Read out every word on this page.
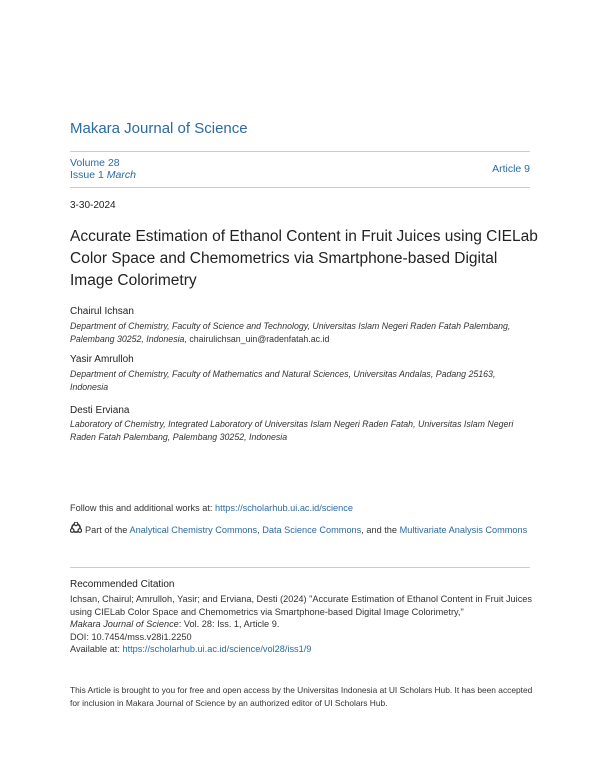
Makara Journal of Science
Volume 28
Issue 1 March	Article 9
3-30-2024
Accurate Estimation of Ethanol Content in Fruit Juices using CIELab Color Space and Chemometrics via Smartphone-based Digital Image Colorimetry
Chairul Ichsan
Department of Chemistry, Faculty of Science and Technology, Universitas Islam Negeri Raden Fatah Palembang, Palembang 30252, Indonesia, chairulichsan_uin@radenfatah.ac.id
Yasir Amrulloh
Department of Chemistry, Faculty of Mathematics and Natural Sciences, Universitas Andalas, Padang 25163, Indonesia
Desti Erviana
Laboratory of Chemistry, Integrated Laboratory of Universitas Islam Negeri Raden Fatah, Universitas Islam Negeri Raden Fatah Palembang, Palembang 30252, Indonesia
Follow this and additional works at: https://scholarhub.ui.ac.id/science
Part of the Analytical Chemistry Commons, Data Science Commons, and the Multivariate Analysis Commons
Recommended Citation
Ichsan, Chairul; Amrulloh, Yasir; and Erviana, Desti (2024) "Accurate Estimation of Ethanol Content in Fruit Juices using CIELab Color Space and Chemometrics via Smartphone-based Digital Image Colorimetry,"
Makara Journal of Science: Vol. 28: Iss. 1, Article 9.
DOI: 10.7454/mss.v28i1.2250
Available at: https://scholarhub.ui.ac.id/science/vol28/iss1/9
This Article is brought to you for free and open access by the Universitas Indonesia at UI Scholars Hub. It has been accepted for inclusion in Makara Journal of Science by an authorized editor of UI Scholars Hub.
